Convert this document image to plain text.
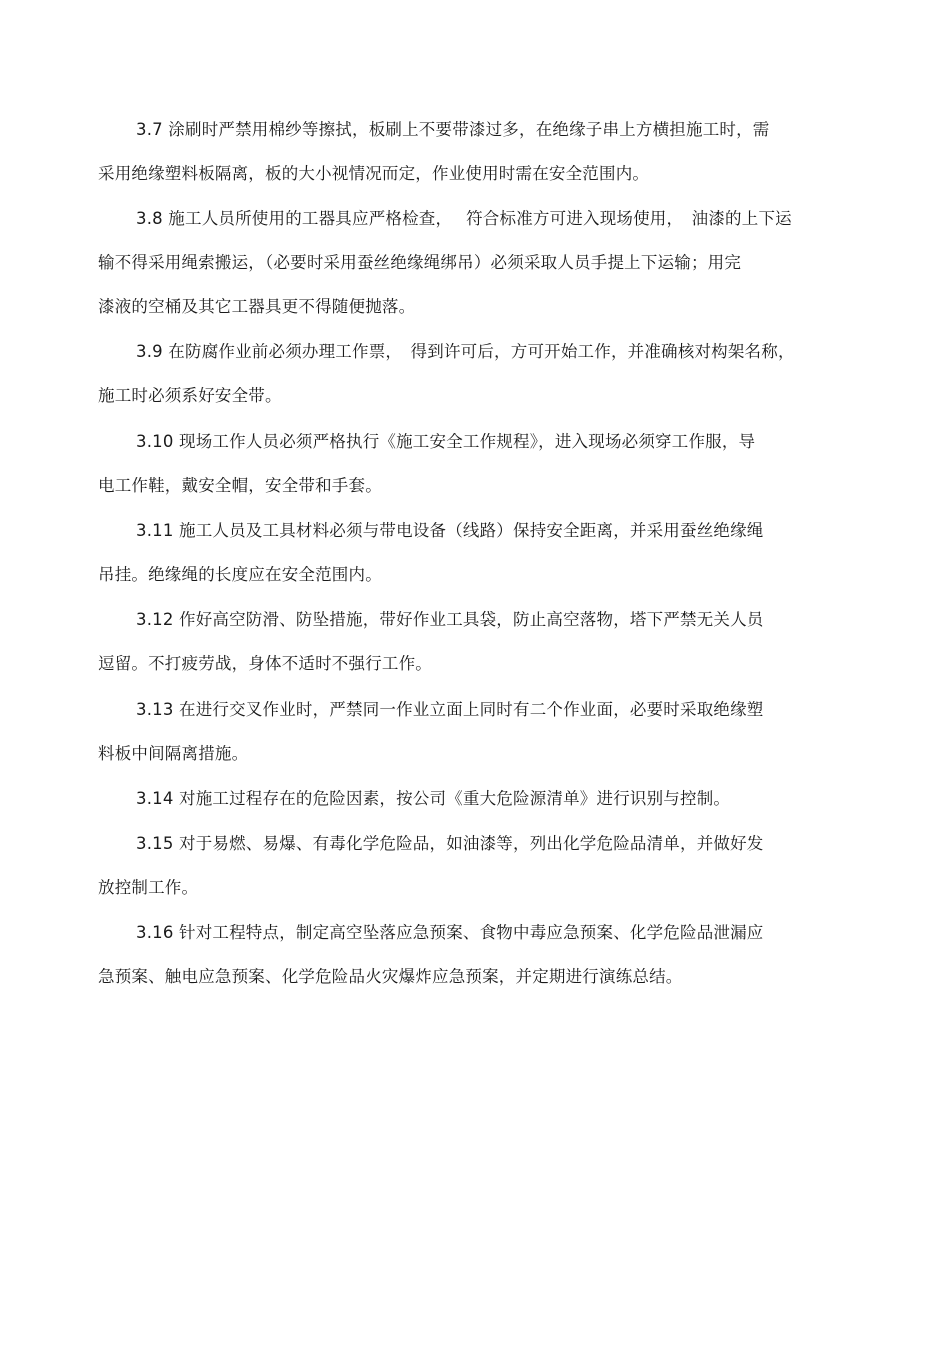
3.7 涂刷时严禁用棉纱等擦拭，板刷上不要带漆过多，在绝缘子串上方横担施工时，需
采用绝缘塑料板隔离，板的大小视情况而定，作业使用时需在安全范围内。
3.8 施工人员所使用的工器具应严格检查，　 符合标准方可进入现场使用，　油漆的上下运
输不得采用绳索搬运，（必要时采用蚕丝绝缘绳绑吊）必须采取人员手提上下运输；用完
漆液的空桶及其它工器具更不得随便抛落。
3.9 在防腐作业前必须办理工作票，　得到许可后，方可开始工作，并准确核对构架名称，
施工时必须系好安全带。
3.10 现场工作人员必须严格执行《施工安全工作规程》，进入现场必须穿工作服，导
电工作鞋，戴安全帽，安全带和手套。
3.11 施工人员及工具材料必须与带电设备（线路）保持安全距离，并采用蚕丝绝缘绳
吊挂。绝缘绳的长度应在安全范围内。
3.12 作好高空防滑、防坠措施，带好作业工具袋，防止高空落物，塔下严禁无关人员
逗留。不打疲劳战，身体不适时不强行工作。
3.13 在进行交叉作业时，严禁同一作业立面上同时有二个作业面，必要时采取绝缘塑
料板中间隔离措施。
3.14 对施工过程存在的危险因素，按公司《重大危险源清单》进行识别与控制。
3.15 对于易燃、易爆、有毒化学危险品，如油漆等，列出化学危险品清单，并做好发
放控制工作。
3.16 针对工程特点，制定高空坠落应急预案、食物中毒应急预案、化学危险品泄漏应
急预案、触电应急预案、化学危险品火灾爆炸应急预案，并定期进行演练总结。
